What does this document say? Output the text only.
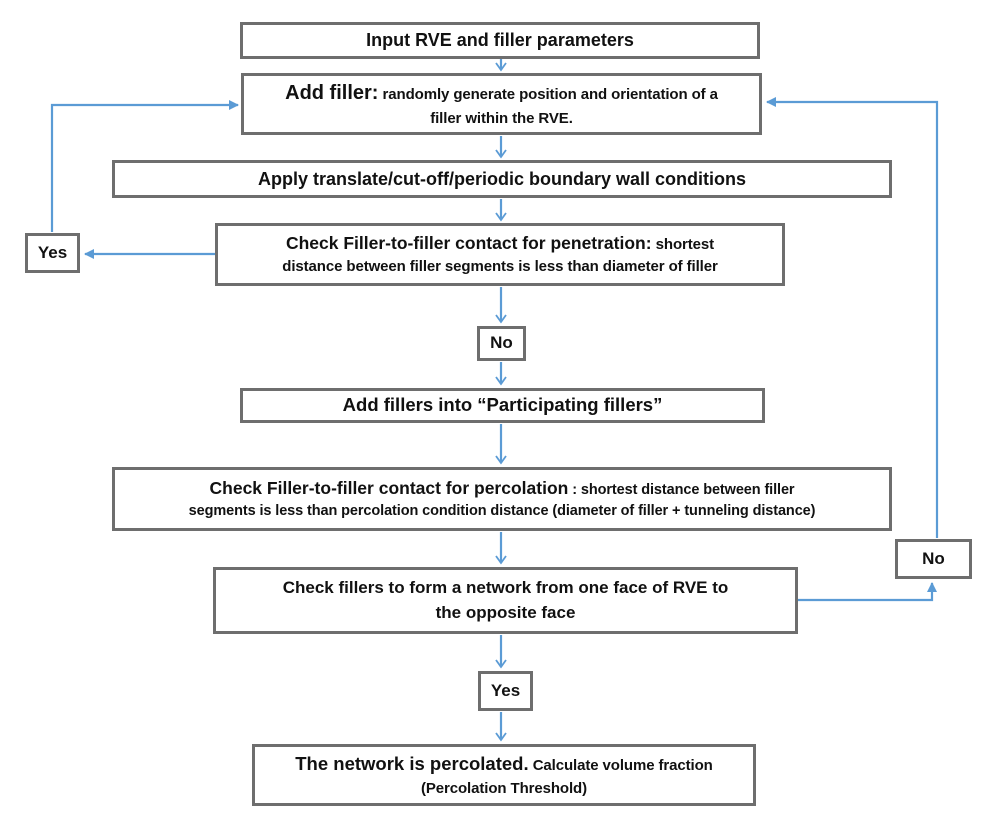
Input RVE and filler parameters
Add filler: randomly generate position and orientation of a
filler within the RVE.
Apply translate/cut-off/periodic boundary wall conditions
Check Filler-to-filler contact for penetration: shortest
distance between filler segments is less than diameter of filler
Yes
No
Add fillers into “Participating fillers”
Check Filler-to-filler contact for percolation : shortest distance between filler
segments is less than percolation condition distance (diameter of filler + tunneling distance)
Check fillers to form a network from one face of RVE to
the opposite face
No
Yes
The network is percolated. Calculate volume fraction
(Percolation Threshold)
